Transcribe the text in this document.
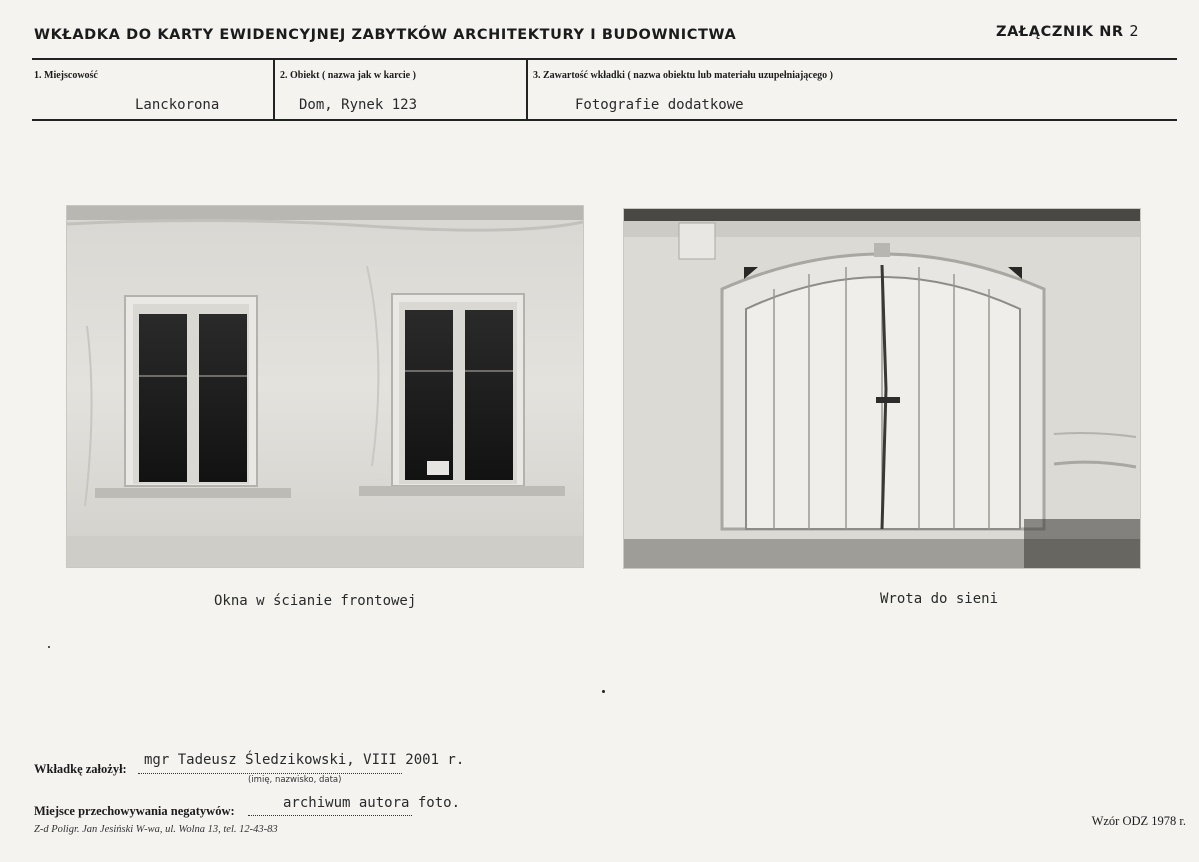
WKŁADKA DO KARTY EWIDENCYJNEJ ZABYTKÓW ARCHITEKTURY I BUDOWNICTWA	ZAŁĄCZNIK NR 2
1. Miejscowość
Lanckorona
2. Obiekt ( nazwa jak w karcie )
Dom, Rynek 123
3. Zawartość wkładki ( nazwa obiektu lub materiału uzupełniającego )
Fotografie dodatkowe
Okna w ścianie frontowej	Wrota do sieni
Wkładkę założył:
mgr Tadeusz Śledzikowski, VIII 2001 r.
(imię, nazwisko, data)
Miejsce przechowywania negatywów:	archiwum autora foto.
Z-d Poligr. Jan Jesiński W-wa, ul. Wolna 13, tel. 12-43-83
Wzór ODZ 1978 r.
